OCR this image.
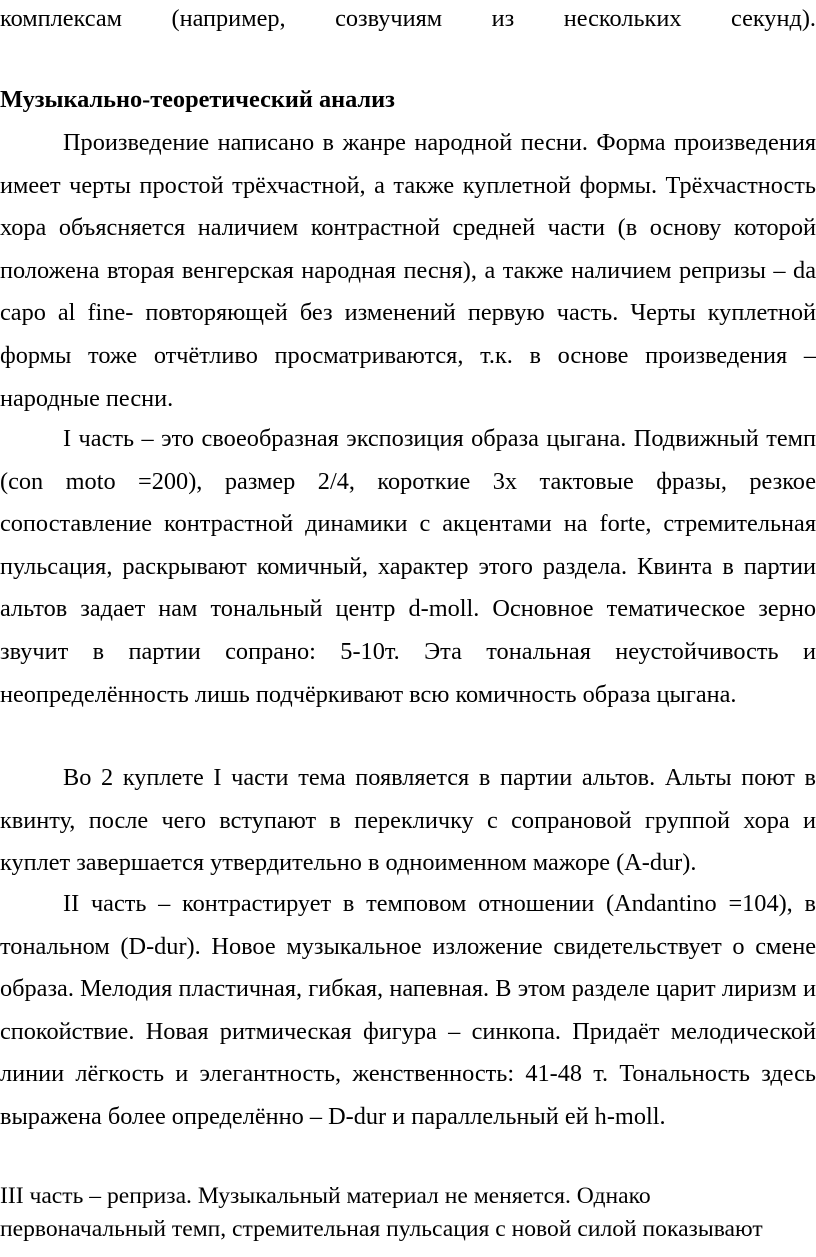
комплексам (например, созвучиям из нескольких секунд).

Музыкально-теоретический анализ

Произведение написано в жанре народной песни. Форма произведения имеет черты простой трёхчастной, а также куплетной формы. Трёхчастность хора объясняется наличием контрастной средней части (в основу которой положена вторая венгерская народная песня), а также наличием репризы – da capo al fine- повторяющей без изменений первую часть. Черты куплетной формы тоже отчётливо просматриваются, т.к. в основе произведения – народные песни.

I часть – это своеобразная экспозиция образа цыгана. Подвижный темп (con moto =200), размер 2/4, короткие 3х тактовые фразы, резкое сопоставление контрастной динамики с акцентами на forte, стремительная пульсация, раскрывают комичный, характер этого раздела. Квинта в партии альтов задает нам тональный центр d-moll. Основное тематическое зерно звучит в партии сопрано: 5-10т. Эта тональная неустойчивость и неопределённость лишь подчёркивают всю комичность образа цыгана.

Во 2 куплете I части тема появляется в партии альтов. Альты поют в квинту, после чего вступают в перекличку с сопрановой группой хора и куплет завершается утвердительно в одноименном мажоре (A-dur).

II часть – контрастирует в темповом отношении (Andantino =104), в тональном (D-dur). Новое музыкальное изложение свидетельствует о смене образа. Мелодия пластичная, гибкая, напевная. В этом разделе царит лиризм и спокойствие. Новая ритмическая фигура – синкопа. Придаёт мелодической линии лёгкость и элегантность, женственность: 41-48 т. Тональность здесь выражена более определённо – D-dur и параллельный ей h-moll.

III часть – реприза. Музыкальный материал не меняется. Однако

первоначальный темп, стремительная пульсация с новой силой показывают
